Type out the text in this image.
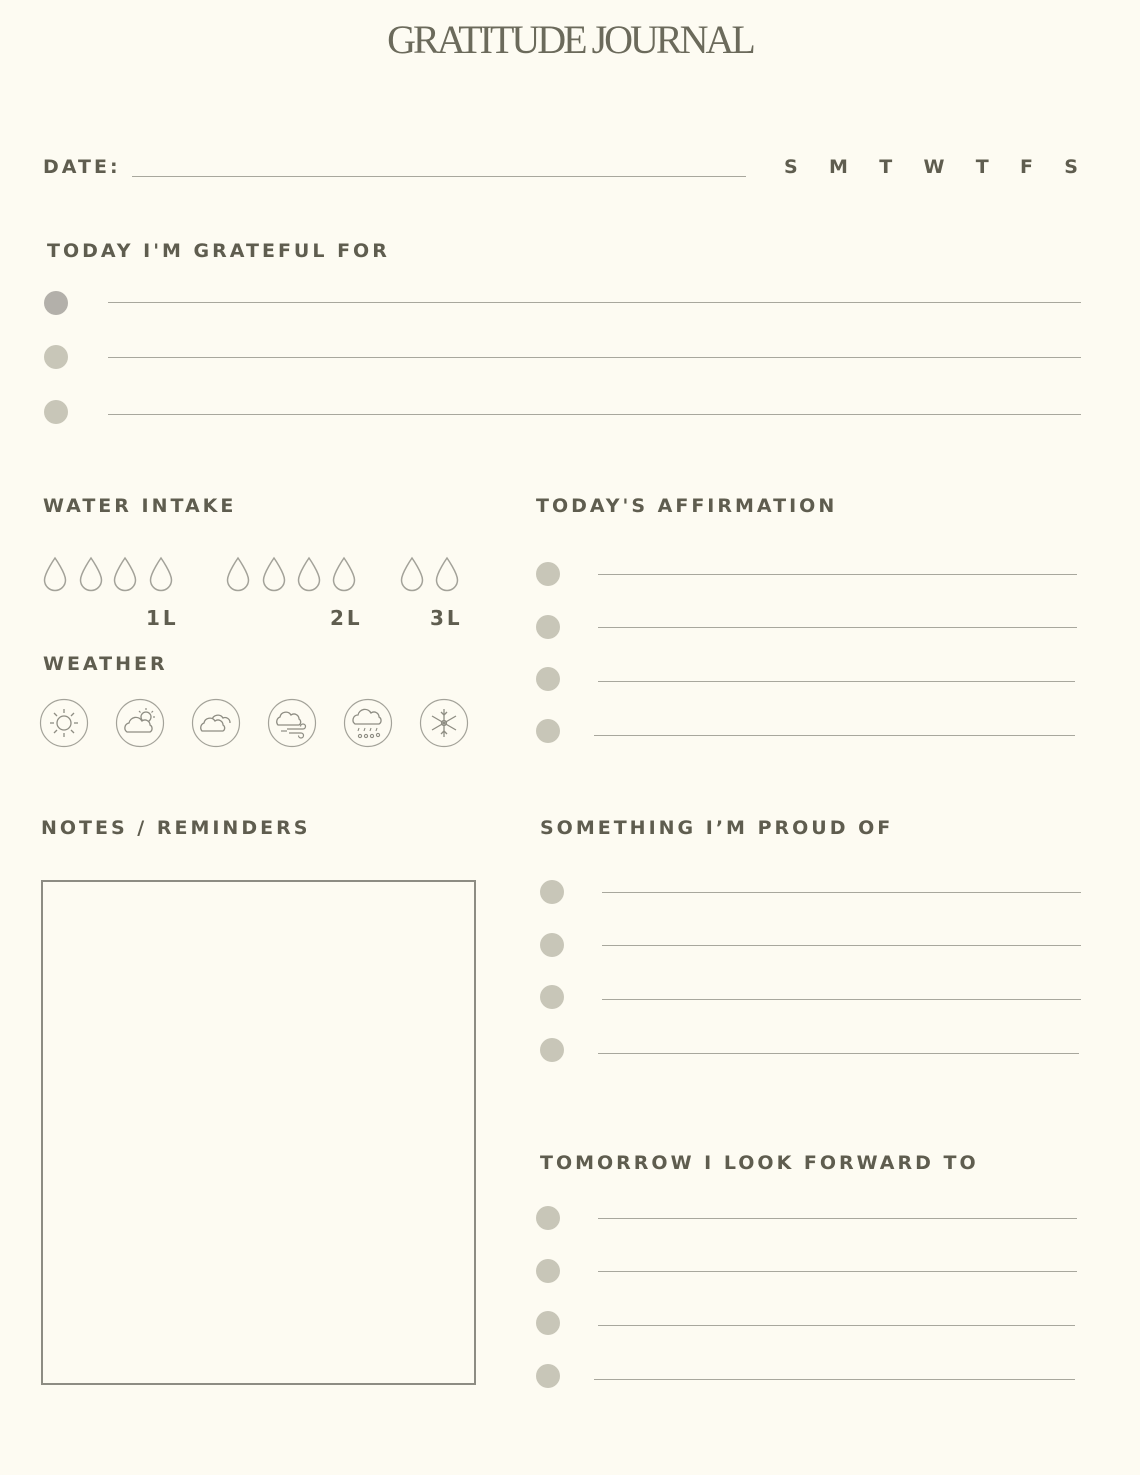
GRATITUDE JOURNAL
DATE:	S M T W T F S
TODAY I'M GRATEFUL FOR
WATER INTAKE
1L	2L	3L
WEATHER
TODAY'S AFFIRMATION
NOTES / REMINDERS	SOMETHING I’M PROUD OF
TOMORROW I LOOK FORWARD TO
